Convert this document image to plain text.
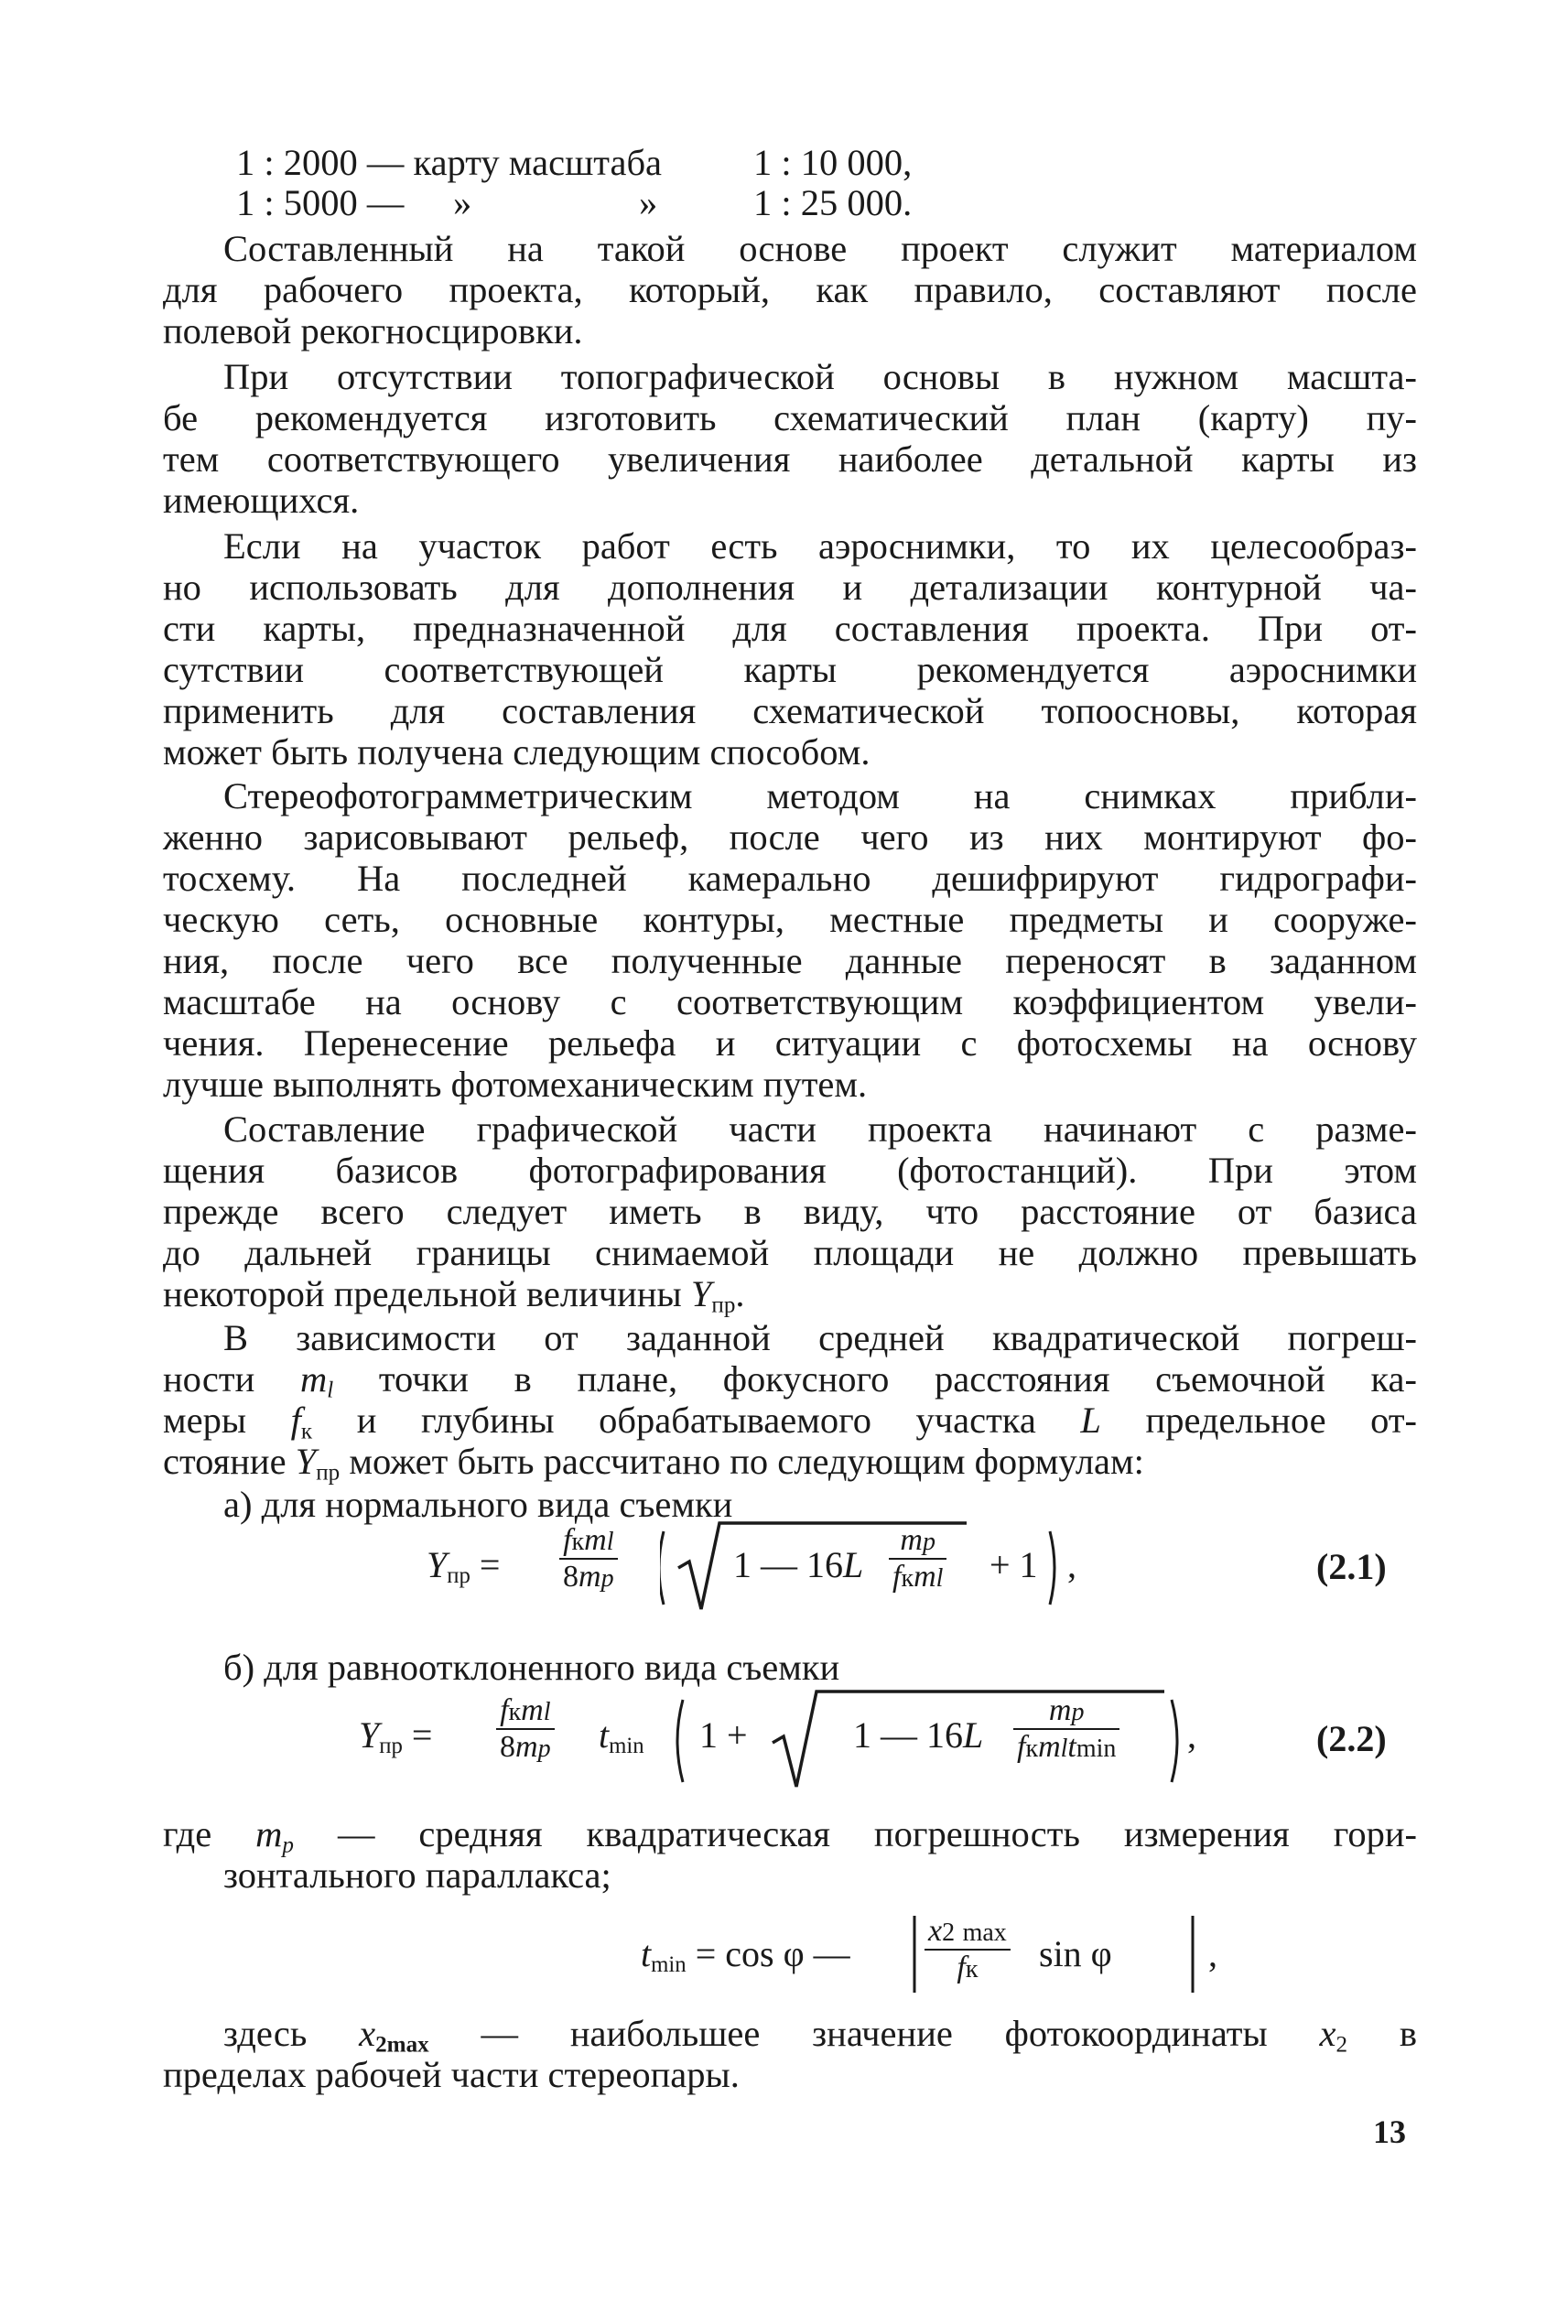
1 : 2000 — карту масштаба 1 : 10 000,
1 : 5000 — »	»	1 : 25 000.
Составленный на такой основе проект служит материалом
для рабочего проекта, который, как правило, составляют после
полевой рекогносцировки.
При отсутствии топографической основы в нужном масшта-
бе рекомендуется изготовить схематический план (карту) пу-
тем соответствующего увеличения наиболее детальной карты из
имеющихся.
Если на участок работ есть аэроснимки, то их целесообраз-
но использовать для дополнения и детализации контурной ча-
сти карты, предназначенной для составления проекта. При от-
сутствии соответствующей карты рекомендуется аэроснимки
применить для составления схематической топоосновы, которая
может быть получена следующим способом.
Стереофотограмметрическим методом на снимках прибли-
женно зарисовывают рельеф, после чего из них монтируют фо-
тосхему. На последней камерально дешифрируют гидрографи-
ческую сеть, основные контуры, местные предметы и сооруже-
ния, после чего все полученные данные переносят в заданном
масштабе на основу с соответствующим коэффициентом увели-
чения. Перенесение рельефа и ситуации с фотосхемы на основу
лучше выполнять фотомеханическим путем.
Составление графической части проекта начинают с разме-
щения базисов фотографирования (фотостанций). При этом
прежде всего следует иметь в виду, что расстояние от базиса
до дальней границы снимаемой площади не должно превышать
некоторой предельной величины $Y_{пр}$.
В зависимости от заданной средней квадратической погреш-
ности $m_l$ точки в плане, фокусного расстояния съемочной ка-
меры $f_к$ и глубины обрабатываемого участка L предельное от-
стояние $Y_{пр}$ может быть рассчитано по следующим формулам:
а) для нормального вида съемки
$Y_{пр}$ =
fкml
8mp	1 — 16L
mp
fкml + 1 ,	(2.1)
б) для равноотклоненного вида съемки
$Y_{пр}$ =
fкml
8mp $t_{min}$ 1 +	1 — 16L
mp
fкmltmin ,	(2.2)
где $m_p$ — средняя квадратическая погрешность измерения гори-
зонтального параллакса;
$t_{min} = \cos \varphi$ —
x2 max
fк	sin φ	,
здесь $x_{2max}$ — наибольшее значение фотокоординаты $x_2$ в
пределах рабочей части стереопары.
13
